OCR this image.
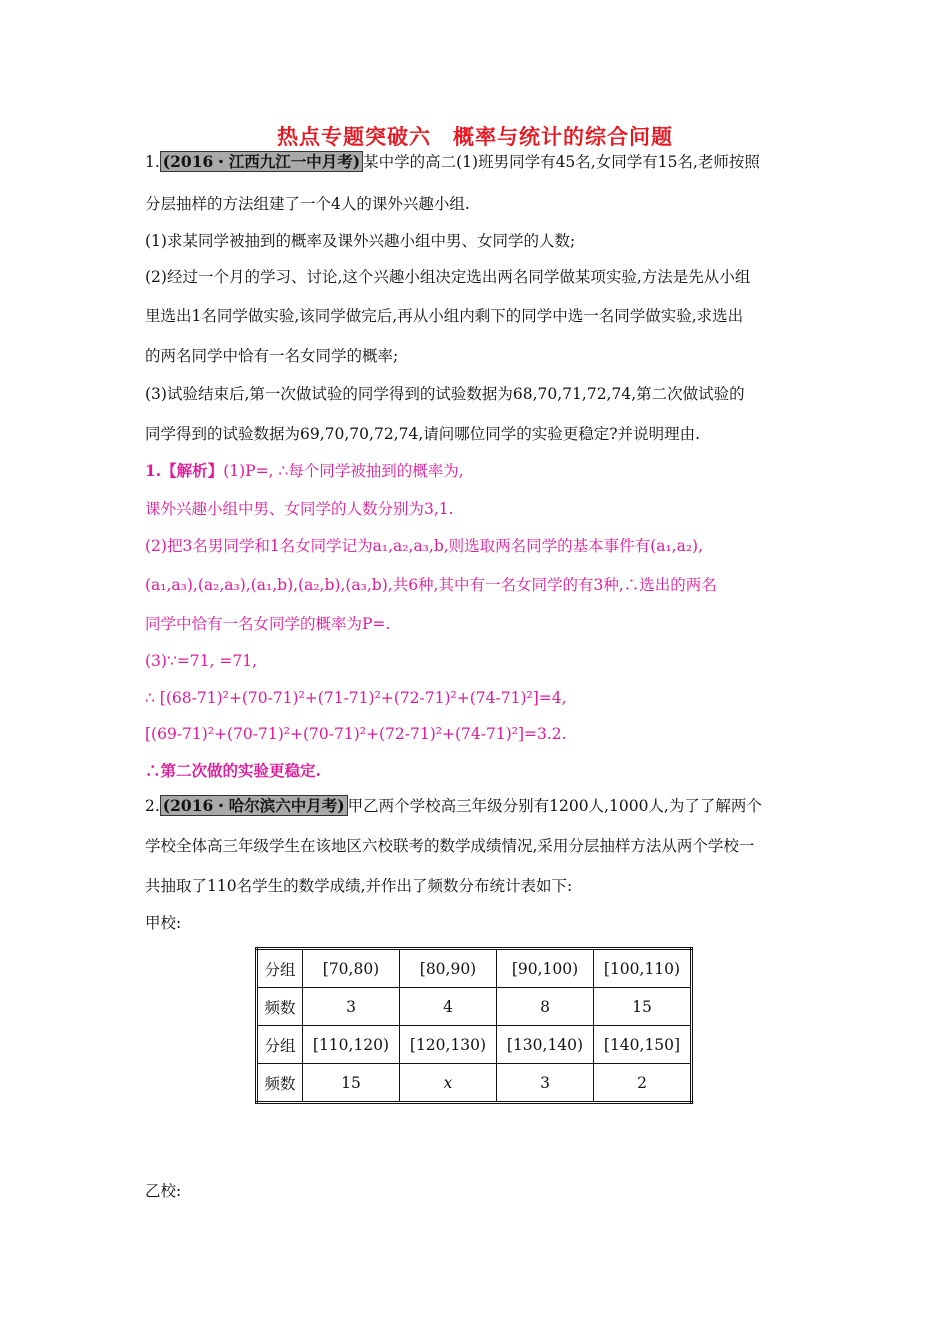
热点专题突破六　概率与统计的综合问题
1. (2016・江西九江一中月考) 某中学的高二(1)班男同学有45名,女同学有15名,老师按照
分层抽样的方法组建了一个4人的课外兴趣小组.
(1)求某同学被抽到的概率及课外兴趣小组中男、女同学的人数;
(2)经过一个月的学习、讨论,这个兴趣小组决定选出两名同学做某项实验,方法是先从小组
里选出1名同学做实验,该同学做完后,再从小组内剩下的同学中选一名同学做实验,求选出
的两名同学中恰有一名女同学的概率;
(3)试验结束后,第一次做试验的同学得到的试验数据为68,70,71,72,74,第二次做试验的
同学得到的试验数据为69,70,70,72,74,请问哪位同学的实验更稳定?并说明理由.
1.【解析】(1)P=, ∴每个同学被抽到的概率为,
课外兴趣小组中男、女同学的人数分别为3,1.
(2)把3名男同学和1名女同学记为a₁,a₂,a₃,b,则选取两名同学的基本事件有(a₁,a₂),
(a₁,a₃),(a₂,a₃),(a₁,b),(a₂,b),(a₃,b),共6种,其中有一名女同学的有3种,∴选出的两名
同学中恰有一名女同学的概率为P=.
(3)∵=71, =71,
∴ [(68-71)²+(70-71)²+(71-71)²+(72-71)²+(74-71)²]=4,
[(69-71)²+(70-71)²+(70-71)²+(72-71)²+(74-71)²]=3.2.
∴第二次做的实验更稳定.
2. (2016・哈尔滨六中月考) 甲乙两个学校高三年级分别有1200人,1000人,为了了解两个
学校全体高三年级学生在该地区六校联考的数学成绩情况,采用分层抽样方法从两个学校一
共抽取了110名学生的数学成绩,并作出了频数分布统计表如下:
甲校:
分组	[70,80)	[80,90)	[90,100)	[100,110)
频数	3	4	8	15
分组	[110,120)	[120,130)	[130,140)	[140,150]
频数	15	x	3	2
乙校:
